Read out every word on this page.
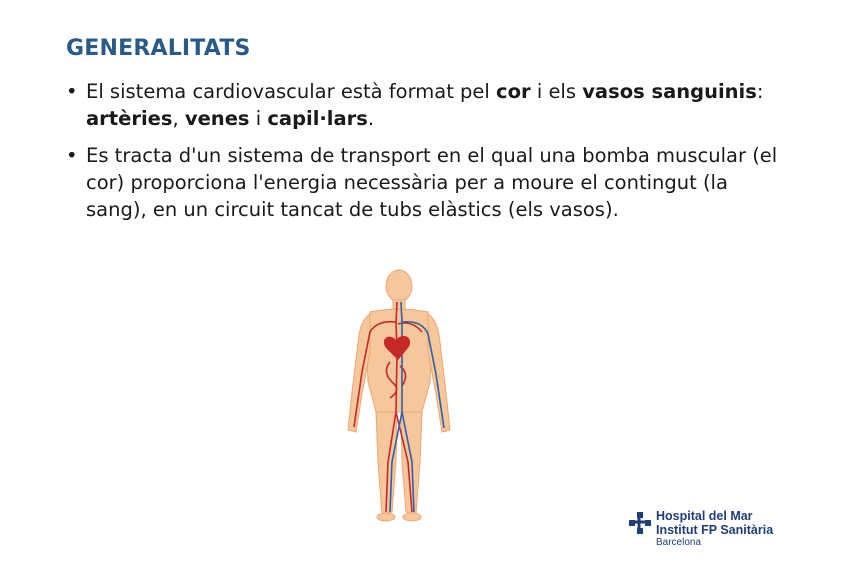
GENERALITATS
• El sistema cardiovascular està format pel cor i els vasos sanguinis: artèries, venes i capil·lars.
• Es tracta d'un sistema de transport en el qual una bomba muscular (el cor) proporciona l'energia necessària per a moure el contingut (la sang), en un circuit tancat de tubs elàstics (els vasos).
Hospital del Mar
Institut FP Sanitària
Barcelona
